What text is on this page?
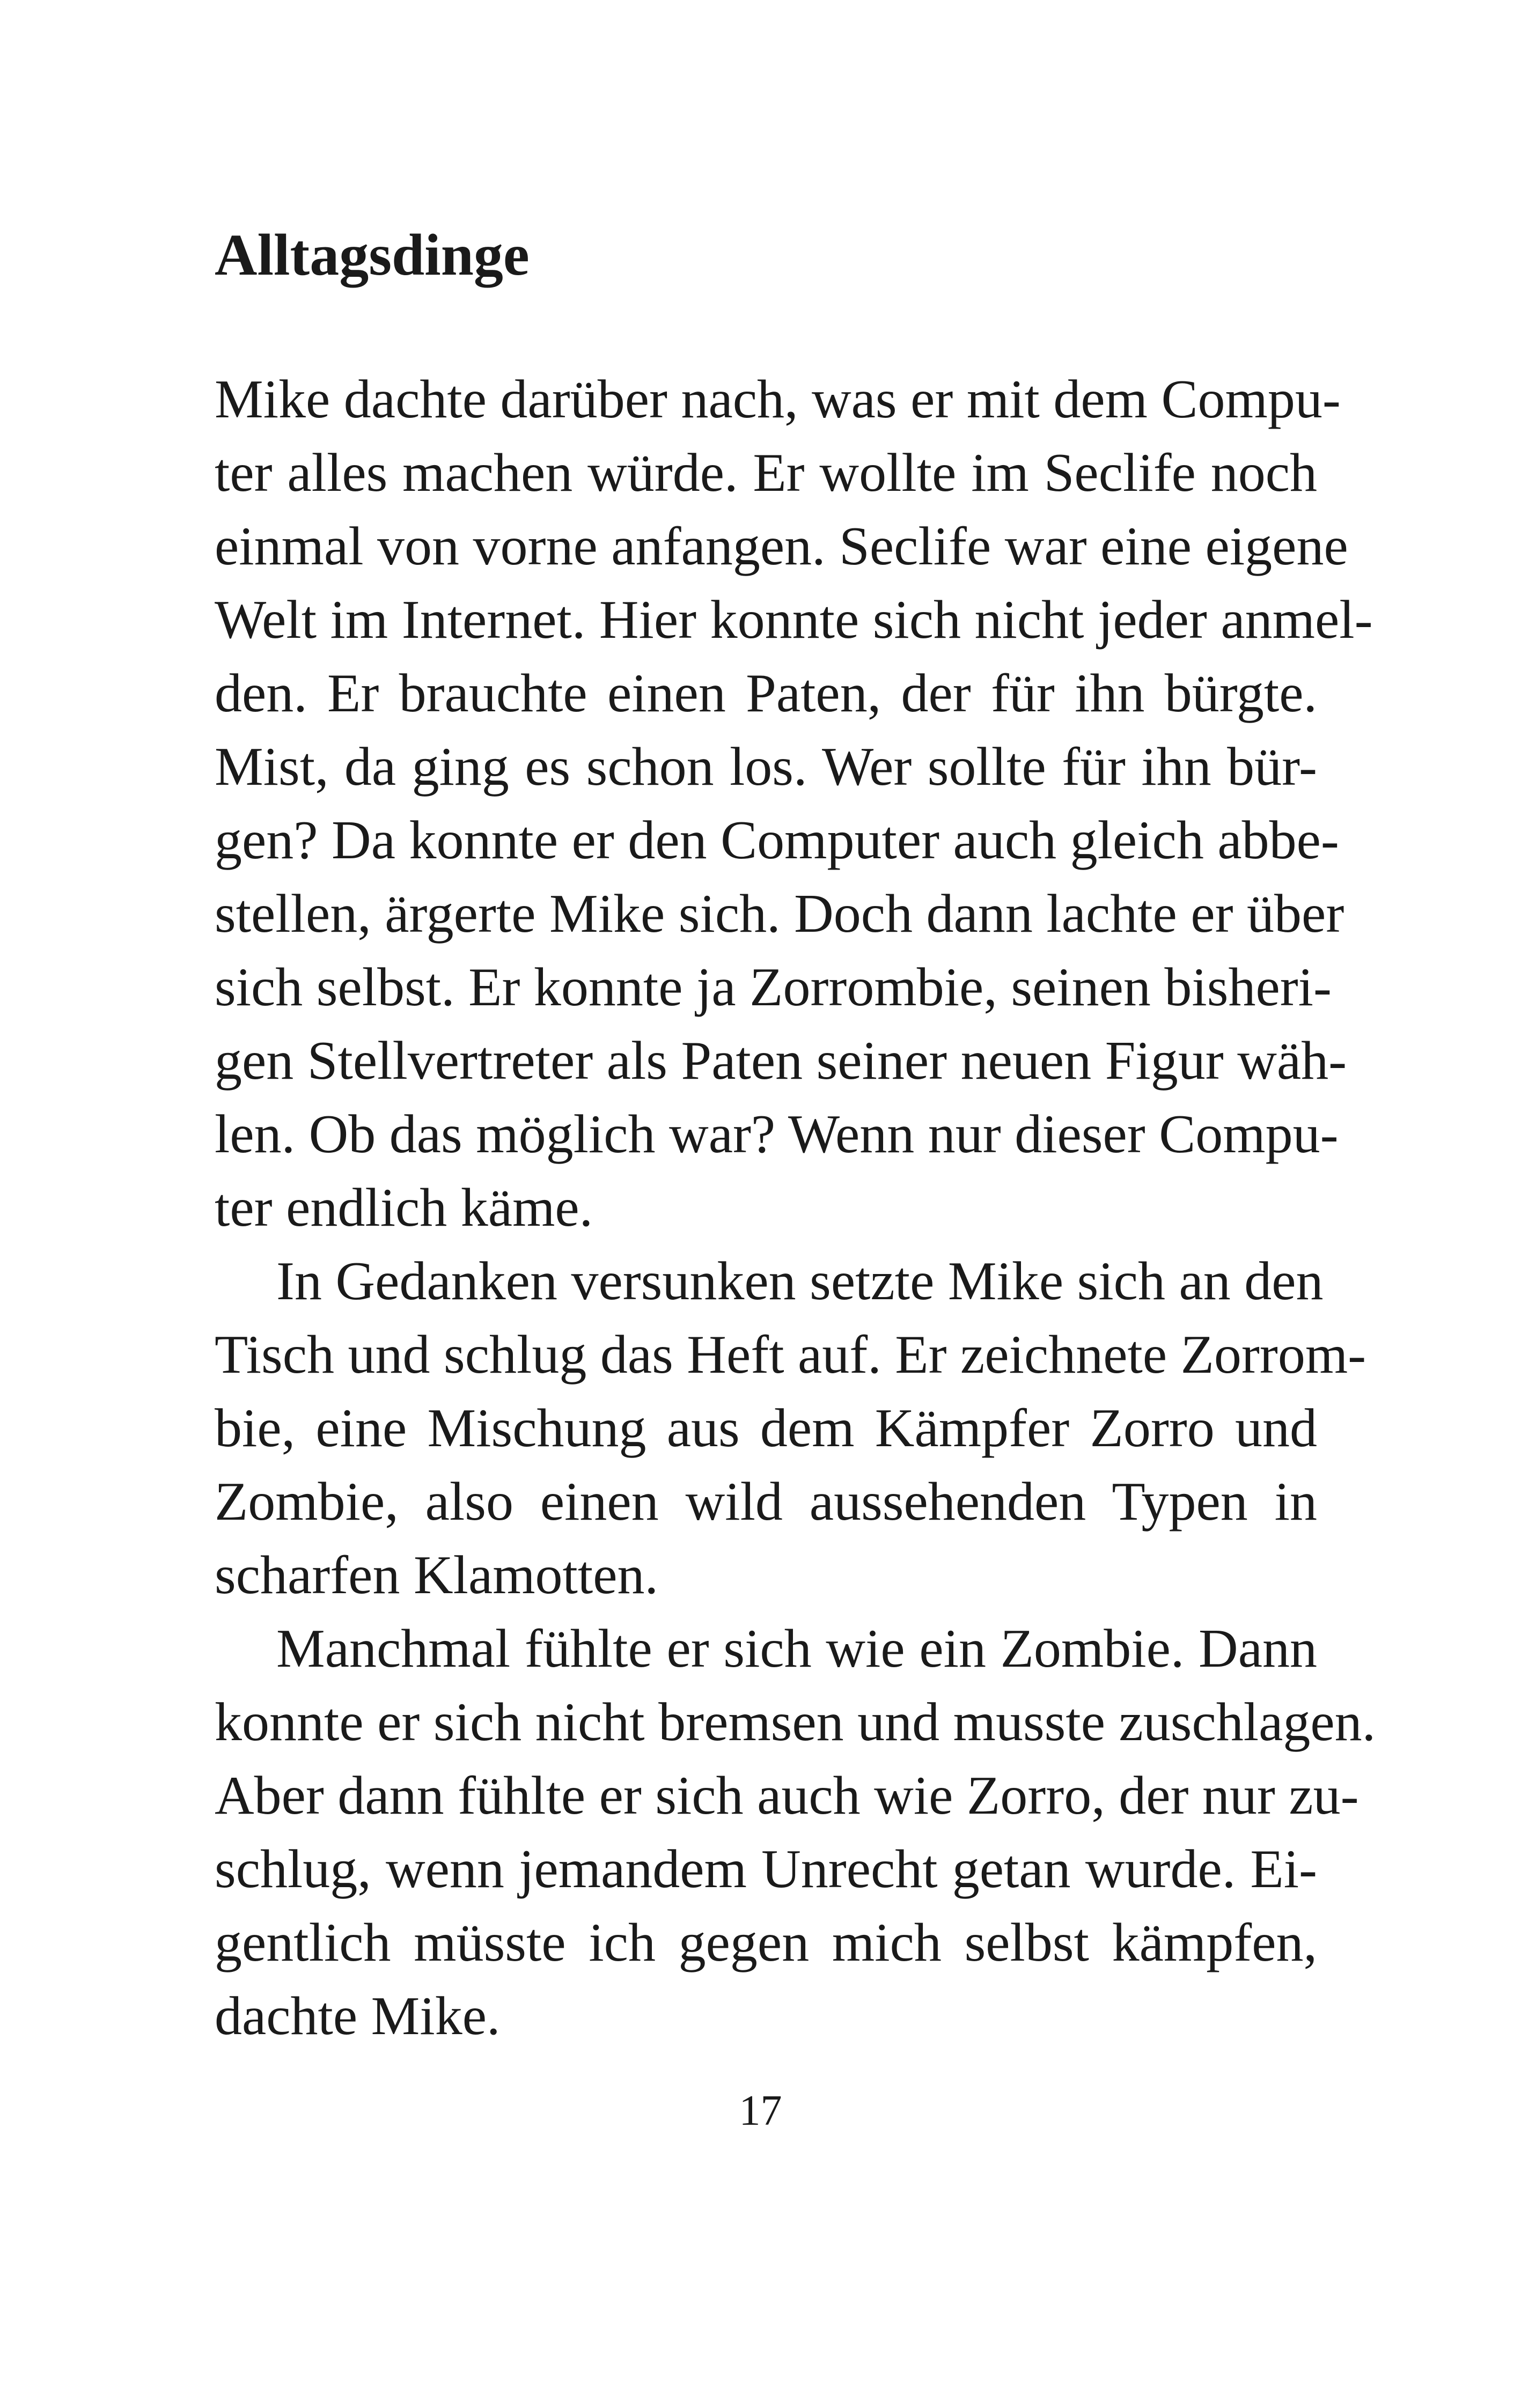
Alltagsdinge
Mike dachte darüber nach, was er mit dem Compu-
ter alles machen würde. Er wollte im Seclife noch
einmal von vorne anfangen. Seclife war eine eigene
Welt im Internet. Hier konnte sich nicht jeder anmel-
den. Er brauchte einen Paten, der für ihn bürgte.
Mist, da ging es schon los. Wer sollte für ihn bür-
gen? Da konnte er den Computer auch gleich abbe-
stellen, ärgerte Mike sich. Doch dann lachte er über
sich selbst. Er konnte ja Zorrombie, seinen bisheri-
gen Stellvertreter als Paten seiner neuen Figur wäh-
len. Ob das möglich war? Wenn nur dieser Compu-
ter endlich käme.
In Gedanken versunken setzte Mike sich an den
Tisch und schlug das Heft auf. Er zeichnete Zorrom-
bie, eine Mischung aus dem Kämpfer Zorro und
Zombie, also einen wild aussehenden Typen in
scharfen Klamotten.
Manchmal fühlte er sich wie ein Zombie. Dann
konnte er sich nicht bremsen und musste zuschlagen.
Aber dann fühlte er sich auch wie Zorro, der nur zu-
schlug, wenn jemandem Unrecht getan wurde. Ei-
gentlich müsste ich gegen mich selbst kämpfen,
dachte Mike.
17
